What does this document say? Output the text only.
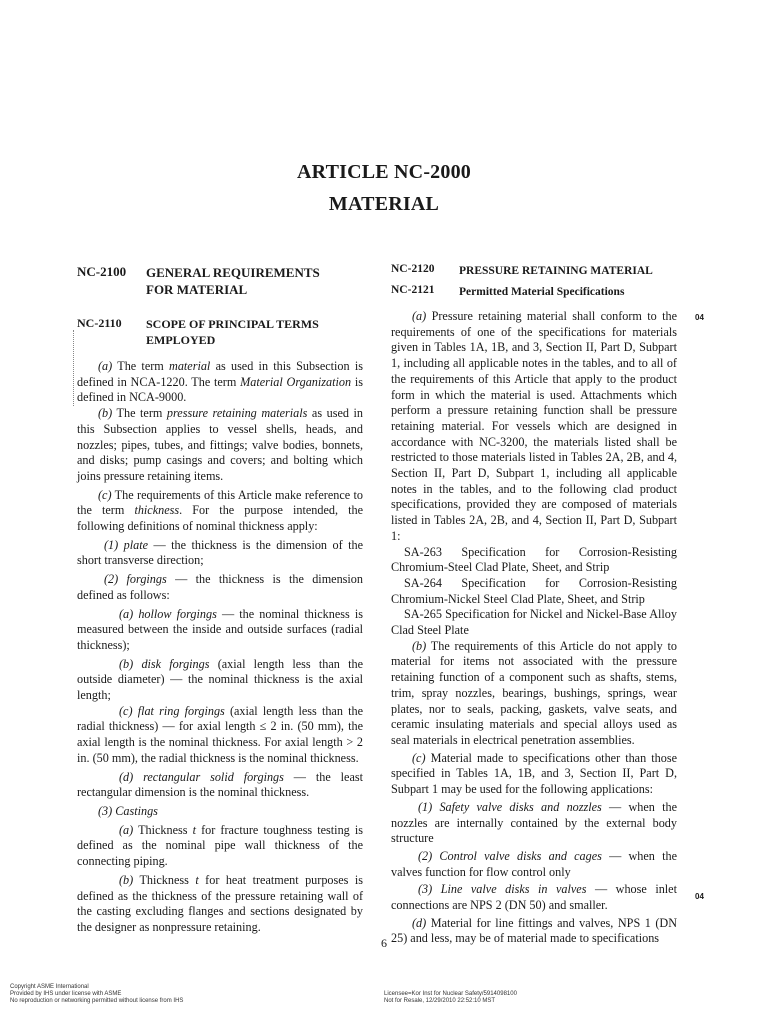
ARTICLE NC-2000
MATERIAL
NC-2100 GENERAL REQUIREMENTS
FOR MATERIAL
NC-2110 SCOPE OF PRINCIPAL TERMS
EMPLOYED

(a) The term material as used in this Subsection is defined in NCA-1220. The term Material Organization is defined in NCA-9000.

(b) The term pressure retaining materials as used in this Subsection applies to vessel shells, heads, and nozzles; pipes, tubes, and fittings; valve bodies, bonnets, and disks; pump casings and covers; and bolting which joins pressure retaining items.

(c) The requirements of this Article make reference to the term thickness. For the purpose intended, the following definitions of nominal thickness apply:

(1) plate — the thickness is the dimension of the short transverse direction;

(2) forgings — the thickness is the dimension defined as follows:

(a) hollow forgings — the nominal thickness is measured between the inside and outside surfaces (radial thickness);

(b) disk forgings (axial length less than the outside diameter) — the nominal thickness is the axial length;

(c) flat ring forgings (axial length less than the radial thickness) — for axial length ≤ 2 in. (50 mm), the axial length is the nominal thickness. For axial length > 2 in. (50 mm), the radial thickness is the nominal thickness.

(d) rectangular solid forgings — the least rectangular dimension is the nominal thickness.

(3) Castings

(a) Thickness t for fracture toughness testing is defined as the nominal pipe wall thickness of the connecting piping.

(b) Thickness t for heat treatment purposes is defined as the thickness of the pressure retaining wall of the casting excluding flanges and sections designated by the designer as nonpressure retaining.

NC-2120 PRESSURE RETAINING MATERIAL
NC-2121 Permitted Material Specifications
04
04

(a) Pressure retaining material shall conform to the requirements of one of the specifications for materials given in Tables 1A, 1B, and 3, Section II, Part D, Subpart 1, including all applicable notes in the tables, and to all of the requirements of this Article that apply to the product form in which the material is used. Attachments which perform a pressure retaining function shall be pressure retaining material. For vessels which are designed in accordance with NC-3200, the materials listed shall be restricted to those materials listed in Tables 2A, 2B, and 4, Section II, Part D, Subpart 1, including all applicable notes in the tables, and to the following clad product specifications, provided they are composed of materials listed in Tables 2A, 2B, and 4, Section II, Part D, Subpart 1:

SA-263 Specification for Corrosion-Resisting Chromium-Steel Clad Plate, Sheet, and Strip

SA-264 Specification for Corrosion-Resisting Chromium-Nickel Steel Clad Plate, Sheet, and Strip

SA-265 Specification for Nickel and Nickel-Base Alloy Clad Steel Plate

(b) The requirements of this Article do not apply to material for items not associated with the pressure retaining function of a component such as shafts, stems, trim, spray nozzles, bearings, bushings, springs, wear plates, nor to seals, packing, gaskets, valve seats, and ceramic insulating materials and special alloys used as seal materials in electrical penetration assemblies.

(c) Material made to specifications other than those specified in Tables 1A, 1B, and 3, Section II, Part D, Subpart 1 may be used for the following applications:

(1) Safety valve disks and nozzles — when the nozzles are internally contained by the external body structure

(2) Control valve disks and cages — when the valves function for flow control only

(3) Line valve disks in valves — whose inlet connections are NPS 2 (DN 50) and smaller.

(d) Material for line fittings and valves, NPS 1 (DN 25) and less, may be of material made to specifications

6
Copyright ASME International
Provided by IHS under license with ASME
No reproduction or networking permitted without license from IHS
Licensee=Kor Inst for Nuclear Safety/5914098100
Not for Resale, 12/29/2010 22:52:10 MST
